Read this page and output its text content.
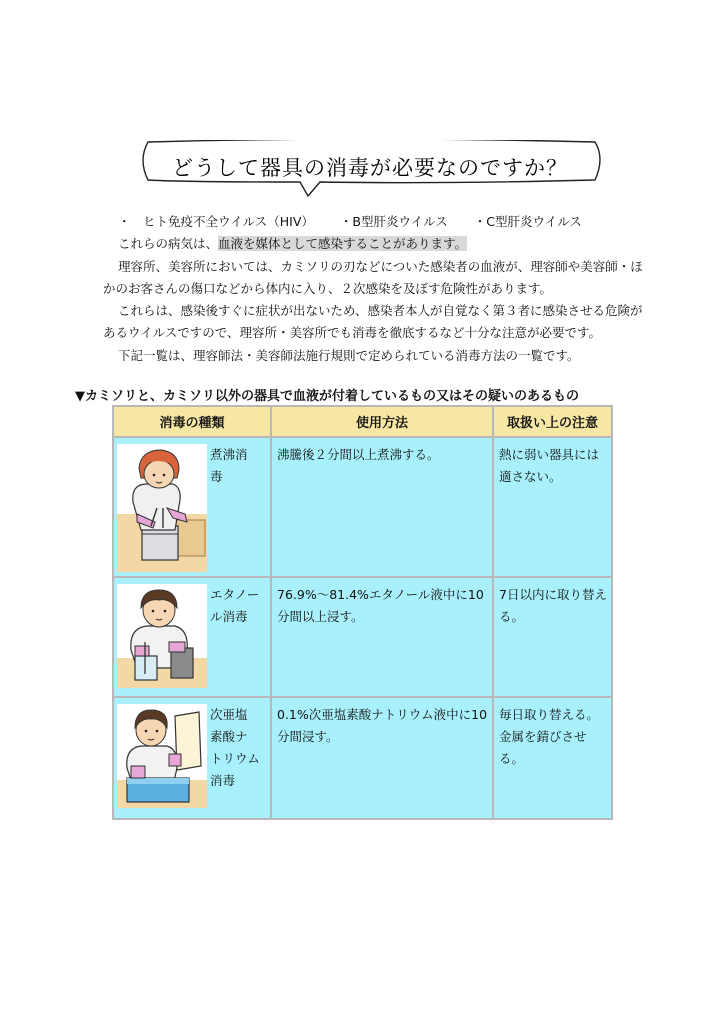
どうして器具の消毒が必要なのですか？

・　ヒト免疫不全ウイルス（HIV） ・B型肝炎ウイルス ・C型肝炎ウイルス

これらの病気は、血液を媒体として感染することがあります。

理容所、美容所においては、カミソリの刃などについた感染者の血液が、理容師や美容師・ほ

かのお客さんの傷口などから体内に入り、２次感染を及ぼす危険性があります。

これらは、感染後すぐに症状が出ないため、感染者本人が自覚なく第３者に感染させる危険が

あるウイルスですので、理容所・美容所でも消毒を徹底するなど十分な注意が必要です。

下記一覧は、理容師法・美容師法施行規則で定められている消毒方法の一覧です。

▼カミソリと、カミソリ以外の器具で血液が付着しているもの又はその疑いのあるもの
消毒の種類	使用方法	取扱い上の注意

煮沸消
毒	沸騰後２分間以上煮沸する。	熱に弱い器具には適さない。

エタノー
ル消毒	76.9%～81.4%エタノール液中に10分間以上浸す。	7日以内に取り替える。

次亜塩
素酸ナ
トリウム
消毒	0.1%次亜塩素酸ナトリウム液中に10分間浸す。	毎日取り替える。金属を錆びさせる。
